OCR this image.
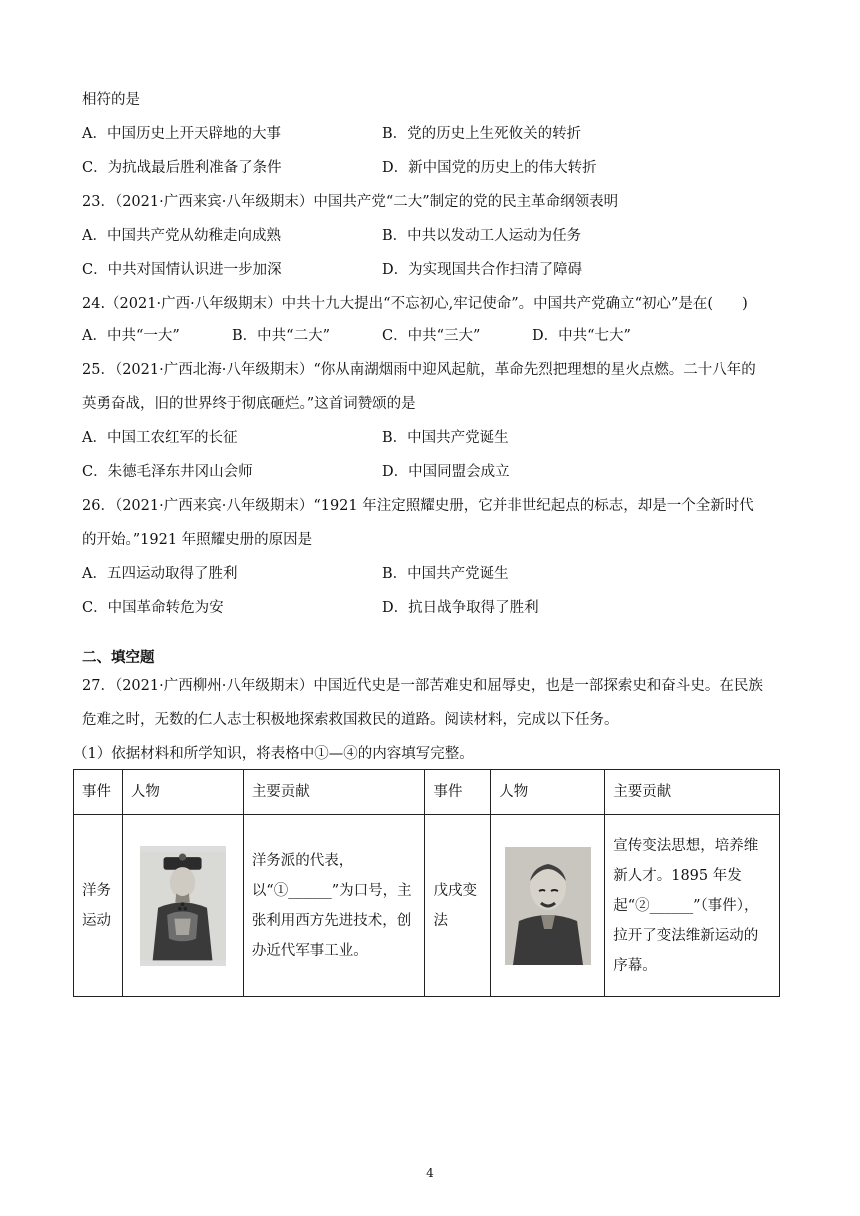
相符的是
A．中国历史上开天辟地的大事	B．党的历史上生死攸关的转折
C．为抗战最后胜利准备了条件	D．新中国党的历史上的伟大转折
23．（2021·广西来宾·八年级期末）中国共产党“二大”制定的党的民主革命纲领表明
A．中国共产党从幼稚走向成熟	B．中共以发动工人运动为任务
C．中共对国情认识进一步加深	D．为实现国共合作扫清了障碍
24.（2021·广西·八年级期末）中共十九大提出“不忘初心,牢记使命”。中国共产党确立“初心”是在(　　)
A．中共“一大”	B．中共“二大”	C．中共“三大”	D．中共“七大”
25．（2021·广西北海·八年级期末）“你从南湖烟雨中迎风起航，革命先烈把理想的星火点燃。二十八年的
英勇奋战，旧的世界终于彻底砸烂。”这首词赞颂的是
A．中国工农红军的长征	B．中国共产党诞生
C．朱德毛泽东井冈山会师	D．中国同盟会成立
26．（2021·广西来宾·八年级期末）“1921 年注定照耀史册，它并非世纪起点的标志，却是一个全新时代
的开始。”1921 年照耀史册的原因是
A．五四运动取得了胜利	B．中国共产党诞生
C．中国革命转危为安	D．抗日战争取得了胜利
二、填空题
27．（2021·广西柳州·八年级期末）中国近代史是一部苦难史和屈辱史，也是一部探索史和奋斗史。在民族
危难之时，无数的仁人志士积极地探索救国救民的道路。阅读材料，完成以下任务。
（1）依据材料和所学知识，将表格中①—④的内容填写完整。
事件	人物	主要贡献	事件	人物	主要贡献
洋务运动		洋务派的代表，以“①______”为口号，主张利用西方先进技术，创办近代军事工业。	戊戌变法		宣传变法思想，培养维新人才。1895 年发起“②______”（事件），拉开了变法维新运动的序幕。
4
